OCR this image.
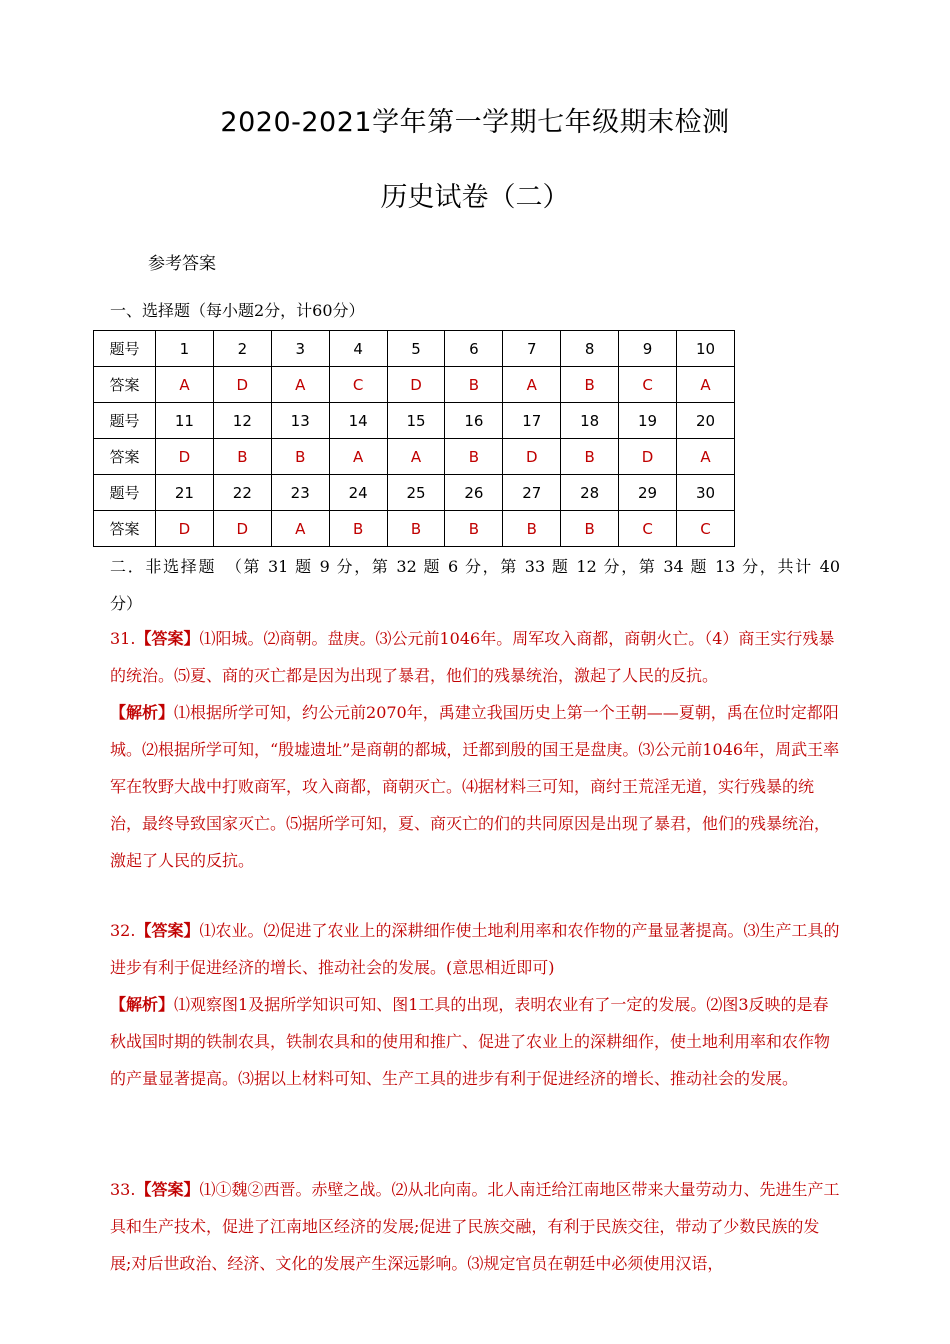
2020-2021学年第一学期七年级期末检测
历史试卷（二）
参考答案
一、选择题（每小题2分，计60分）
题号	1	2	3	4	5	6	7	8	9	10
答案	A	D	A	C	D	B	A	B	C	A
题号	11	12	13	14	15	16	17	18	19	20
答案	D	B	B	A	A	B	D	B	D	A
题号	21	22	23	24	25	26	27	28	29	30
答案	D	D	A	B	B	B	B	B	C	C
二．非选择题　（第 31 题 9 分，第 32 题 6 分，第 33 题 12 分，第 34 题 13 分，共计 40
分）

31.【答案】⑴阳城。⑵商朝。盘庚。⑶公元前1046年。周军攻入商都，商朝火亡。（4）商王实行残暴的统治。⑸夏、商的灭亡都是因为出现了暴君，他们的残暴统治，激起了人民的反抗。

【解析】⑴根据所学可知，约公元前2070年，禹建立我国历史上第一个王朝——夏朝，禹在位时定都阳城。⑵根据所学可知，“殷墟遗址”是商朝的都城，迁都到殷的国王是盘庚。⑶公元前1046年，周武王率军在牧野大战中打败商军，攻入商都，商朝灭亡。⑷据材料三可知，商纣王荒淫无道，实行残暴的统治，最终导致国家灭亡。⑸据所学可知，夏、商灭亡的们的共同原因是出现了暴君，他们的残暴统治，激起了人民的反抗。

32.【答案】⑴农业。⑵促进了农业上的深耕细作使土地利用率和农作物的产量显著提高。⑶生产工具的进步有利于促进经济的增长、推动社会的发展。(意思相近即可)

【解析】⑴观察图1及据所学知识可知、图1工具的出现，表明农业有了一定的发展。⑵图3反映的是春秋战国时期的铁制农具，铁制农具和的使用和推广、促进了农业上的深耕细作，使土地利用率和农作物的产量显著提高。⑶据以上材料可知、生产工具的进步有利于促进经济的增长、推动社会的发展。

33.【答案】⑴①魏②西晋。赤壁之战。⑵从北向南。北人南迁给江南地区带来大量劳动力、先进生产工具和生产技术，促进了江南地区经济的发展;促进了民族交融，有利于民族交往，带动了少数民族的发展;对后世政治、经济、文化的发展产生深远影响。⑶规定官员在朝廷中必须使用汉语，
